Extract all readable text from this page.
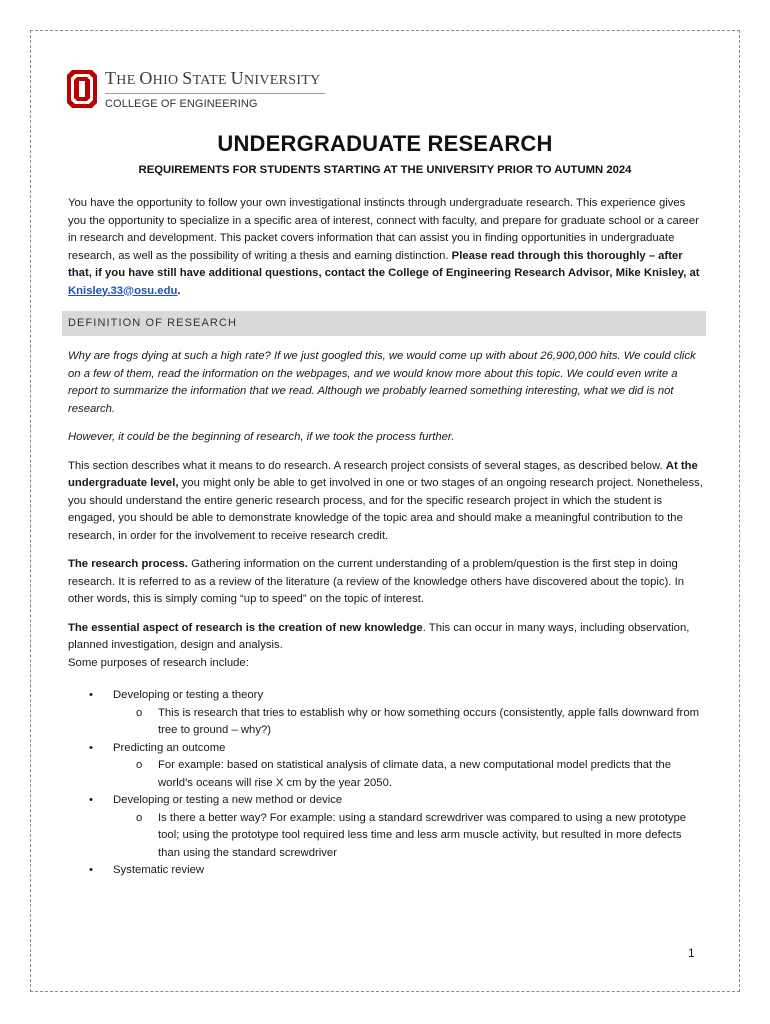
THE OHIO STATE UNIVERSITY
COLLEGE OF ENGINEERING
UNDERGRADUATE RESEARCH
REQUIREMENTS FOR STUDENTS STARTING AT THE UNIVERSITY PRIOR TO AUTUMN 2024

You have the opportunity to follow your own investigational instincts through undergraduate research. This experience gives you the opportunity to specialize in a specific area of interest, connect with faculty, and prepare for graduate school or a career in research and development. This packet covers information that can assist you in finding opportunities in undergraduate research, as well as the possibility of writing a thesis and earning distinction. Please read through this thoroughly – after that, if you have still have additional questions, contact the College of Engineering Research Advisor, Mike Knisley, at Knisley.33@osu.edu.

DEFINITION OF RESEARCH

Why are frogs dying at such a high rate? If we just googled this, we would come up with about 26,900,000 hits. We could click on a few of them, read the information on the webpages, and we would know more about this topic. We could even write a report to summarize the information that we read. Although we probably learned something interesting, what we did is not research.

However, it could be the beginning of research, if we took the process further.

This section describes what it means to do research. A research project consists of several stages, as described below. At the undergraduate level, you might only be able to get involved in one or two stages of an ongoing research project. Nonetheless, you should understand the entire generic research process, and for the specific research project in which the student is engaged, you should be able to demonstrate knowledge of the topic area and should make a meaningful contribution to the research, in order for the involvement to receive research credit.

The research process. Gathering information on the current understanding of a problem/question is the first step in doing research. It is referred to as a review of the literature (a review of the knowledge others have discovered about the topic). In other words, this is simply coming “up to speed” on the topic of interest.

The essential aspect of research is the creation of new knowledge. This can occur in many ways, including observation, planned investigation, design and analysis.

Some purposes of research include:

• Developing or testing a theory
o This is research that tries to establish why or how something occurs (consistently, apple falls downward from tree to ground – why?)
• Predicting an outcome
o For example: based on statistical analysis of climate data, a new computational model predicts that the world’s oceans will rise X cm by the year 2050.
• Developing or testing a new method or device
o Is there a better way? For example: using a standard screwdriver was compared to using a new prototype tool; using the prototype tool required less time and less arm muscle activity, but resulted in more defects than using the standard screwdriver
• Systematic review
1
